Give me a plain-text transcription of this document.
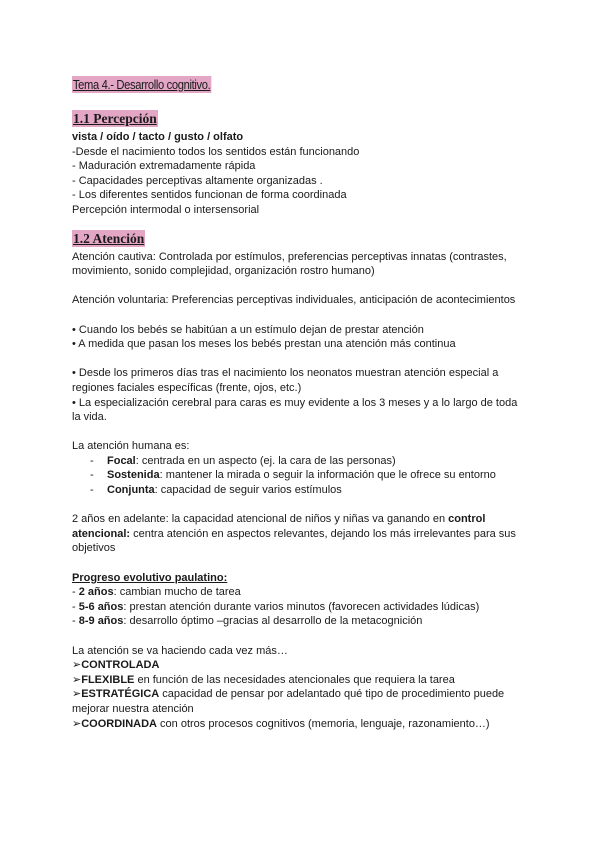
Tema 4.- Desarrollo cognitivo.
1.1 Percepción
vista / oído / tacto / gusto / olfato
-Desde el nacimiento todos los sentidos están funcionando
- Maduración extremadamente rápida
- Capacidades perceptivas altamente organizadas .
- Los diferentes sentidos funcionan de forma coordinada
Percepción intermodal o intersensorial
1.2 Atención
Atención cautiva: Controlada por estímulos, preferencias perceptivas innatas (contrastes,
movimiento, sonido complejidad, organización rostro humano)
Atención voluntaria: Preferencias perceptivas individuales, anticipación de acontecimientos
• Cuando los bebés se habitúan a un estímulo dejan de prestar atención
• A medida que pasan los meses los bebés prestan una atención más continua
• Desde los primeros días tras el nacimiento los neonatos muestran atención especial a
regiones faciales específicas (frente, ojos, etc.)
• La especialización cerebral para caras es muy evidente a los 3 meses y a lo largo de toda
la vida.
La atención humana es:
- Focal: centrada en un aspecto (ej. la cara de las personas)
- Sostenida: mantener la mirada o seguir la información que le ofrece su entorno
- Conjunta: capacidad de seguir varios estímulos
2 años en adelante: la capacidad atencional de niños y niñas va ganando en control atencional: centra atención en aspectos relevantes, dejando los más irrelevantes para sus objetivos
Progreso evolutivo paulatino:
- 2 años: cambian mucho de tarea
- 5-6 años: prestan atención durante varios minutos (favorecen actividades lúdicas)
- 8-9 años: desarrollo óptimo –gracias al desarrollo de la metacognición
La atención se va haciendo cada vez más…
➢CONTROLADA
➢FLEXIBLE en función de las necesidades atencionales que requiera la tarea
➢ESTRATÉGICA capacidad de pensar por adelantado qué tipo de procedimiento puede mejorar nuestra atención
➢COORDINADA con otros procesos cognitivos (memoria, lenguaje, razonamiento…)
